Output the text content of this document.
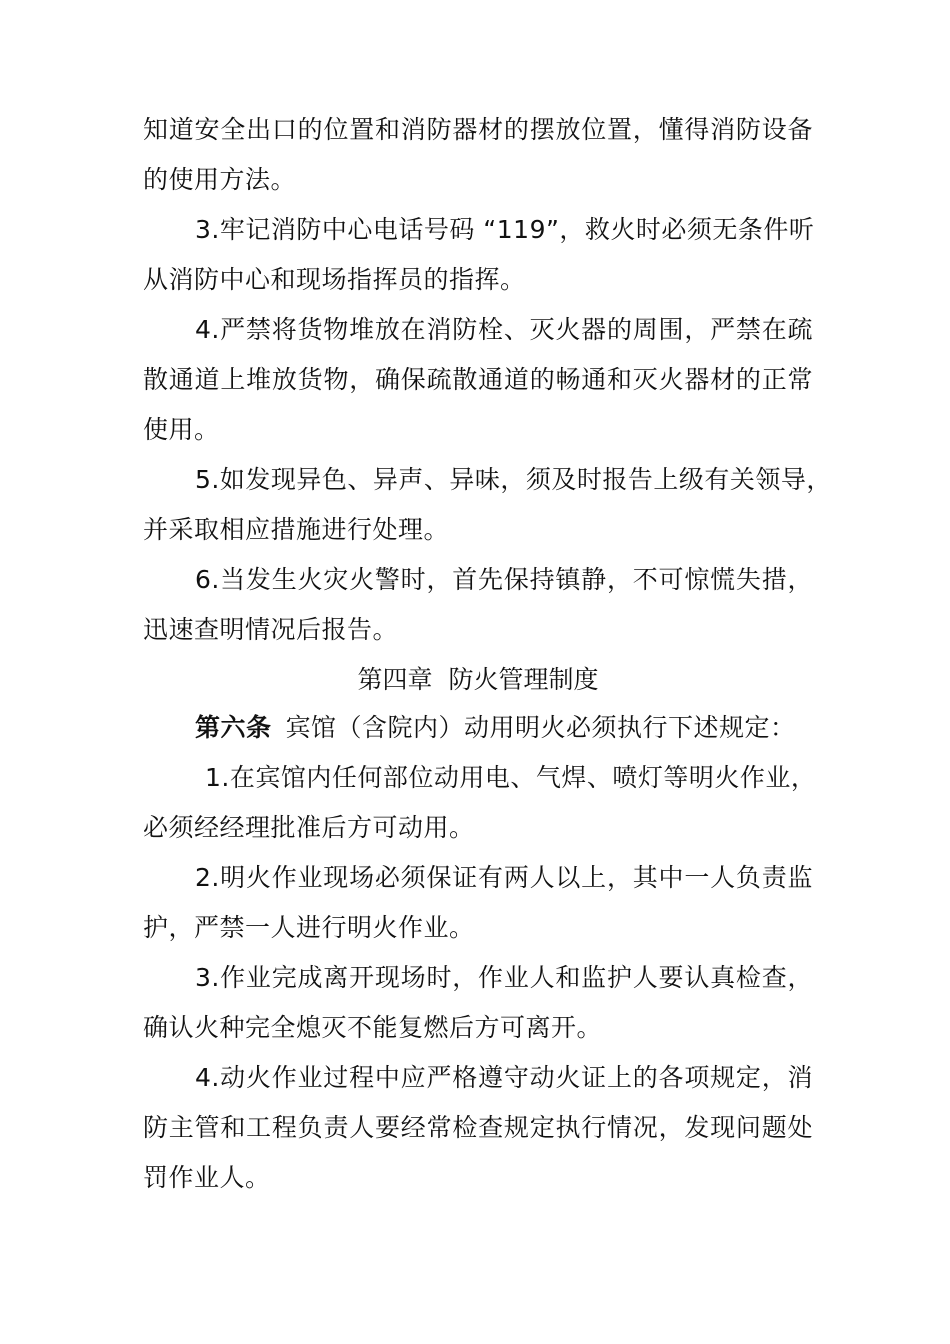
知道安全出口的位置和消防器材的摆放位置，懂得消防设备
的使用方法。
3.牢记消防中心电话号码 “119”，救火时必须无条件听
从消防中心和现场指挥员的指挥。
4.严禁将货物堆放在消防栓、灭火器的周围，严禁在疏
散通道上堆放货物，确保疏散通道的畅通和灭火器材的正常
使用。
5.如发现异色、异声、异味，须及时报告上级有关领导，
并采取相应措施进行处理。
6.当发生火灾火警时，首先保持镇静，不可惊慌失措，
迅速查明情况后报告。
第四章  防火管理制度
第六条 宾馆（含院内）动用明火必须执行下述规定：
1.在宾馆内任何部位动用电、气焊、喷灯等明火作业，
必须经经理批准后方可动用。
2.明火作业现场必须保证有两人以上，其中一人负责监
护，严禁一人进行明火作业。
3.作业完成离开现场时，作业人和监护人要认真检查，
确认火种完全熄灭不能复燃后方可离开。
4.动火作业过程中应严格遵守动火证上的各项规定，消
防主管和工程负责人要经常检查规定执行情况，发现问题处
罚作业人。
